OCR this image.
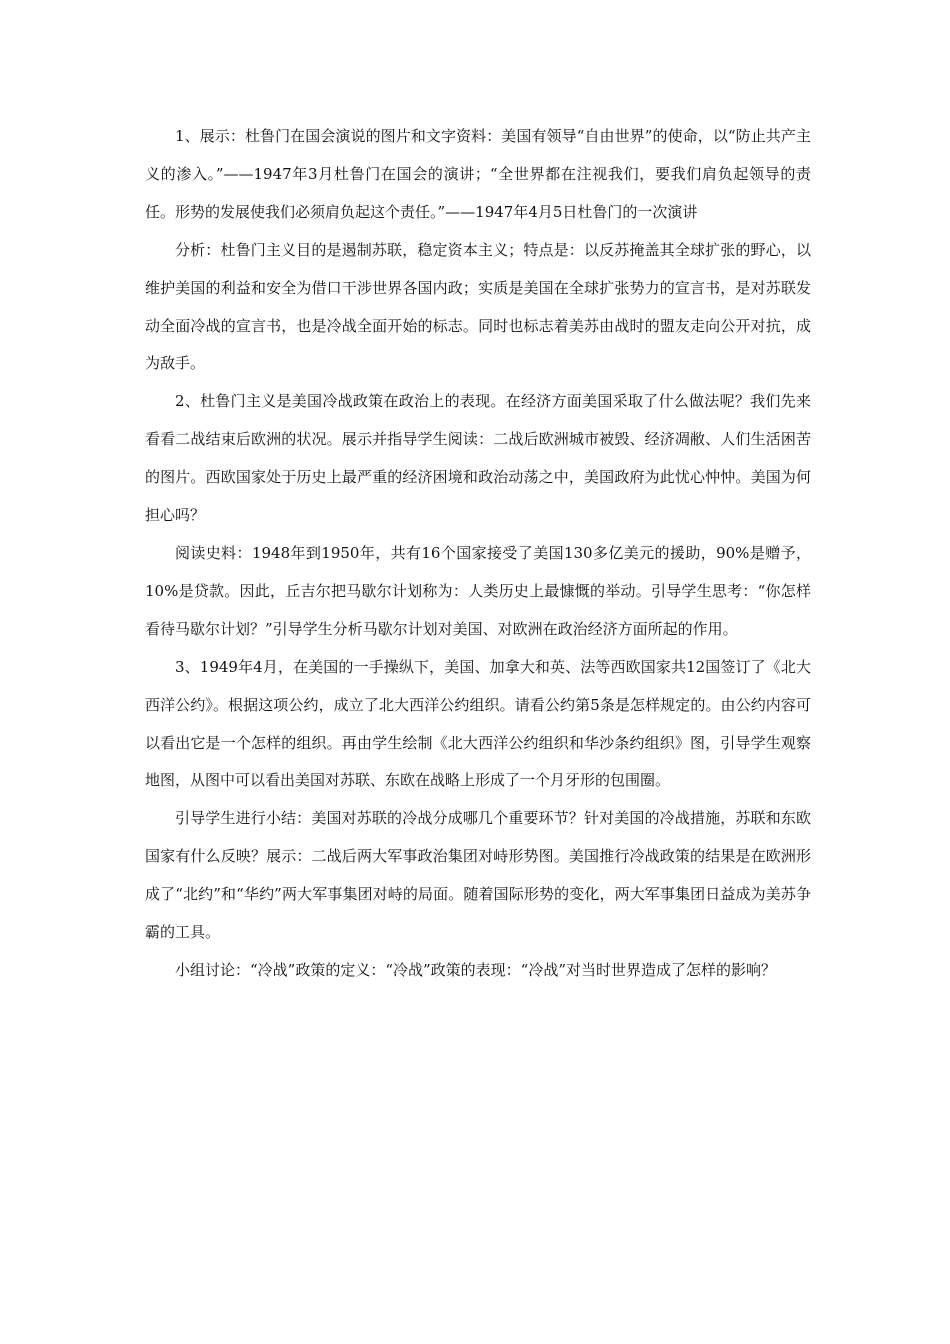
1、展示：杜鲁门在国会演说的图片和文字资料：美国有领导“自由世界”的使命，以“防止共产主义的渗入。”——1947年3月杜鲁门在国会的演讲；“全世界都在注视我们，要我们肩负起领导的责任。形势的发展使我们必须肩负起这个责任。”——1947年4月5日杜鲁门的一次演讲

分析：杜鲁门主义目的是遏制苏联，稳定资本主义；特点是：以反苏掩盖其全球扩张的野心，以维护美国的利益和安全为借口干涉世界各国内政；实质是美国在全球扩张势力的宣言书，是对苏联发动全面冷战的宣言书，也是冷战全面开始的标志。同时也标志着美苏由战时的盟友走向公开对抗，成为敌手。

2、杜鲁门主义是美国冷战政策在政治上的表现。在经济方面美国采取了什么做法呢？我们先来看看二战结束后欧洲的状况。展示并指导学生阅读：二战后欧洲城市被毁、经济凋敝、人们生活困苦的图片。西欧国家处于历史上最严重的经济困境和政治动荡之中，美国政府为此忧心忡忡。美国为何担心吗？

阅读史料：1948年到1950年，共有16个国家接受了美国130多亿美元的援助，90%是赠予，10%是贷款。因此，丘吉尔把马歇尔计划称为：人类历史上最慷慨的举动。引导学生思考：“你怎样看待马歇尔计划？”引导学生分析马歇尔计划对美国、对欧洲在政治经济方面所起的作用。

3、1949年4月，在美国的一手操纵下，美国、加拿大和英、法等西欧国家共12国签订了《北大西洋公约》。根据这项公约，成立了北大西洋公约组织。请看公约第5条是怎样规定的。由公约内容可以看出它是一个怎样的组织。再由学生绘制《北大西洋公约组织和华沙条约组织》图，引导学生观察地图，从图中可以看出美国对苏联、东欧在战略上形成了一个月牙形的包围圈。

引导学生进行小结：美国对苏联的冷战分成哪几个重要环节？针对美国的冷战措施，苏联和东欧国家有什么反映？展示：二战后两大军事政治集团对峙形势图。美国推行冷战政策的结果是在欧洲形成了“北约”和“华约”两大军事集团对峙的局面。随着国际形势的变化，两大军事集团日益成为美苏争霸的工具。

小组讨论：“冷战”政策的定义：“冷战”政策的表现：“冷战”对当时世界造成了怎样的影响？
